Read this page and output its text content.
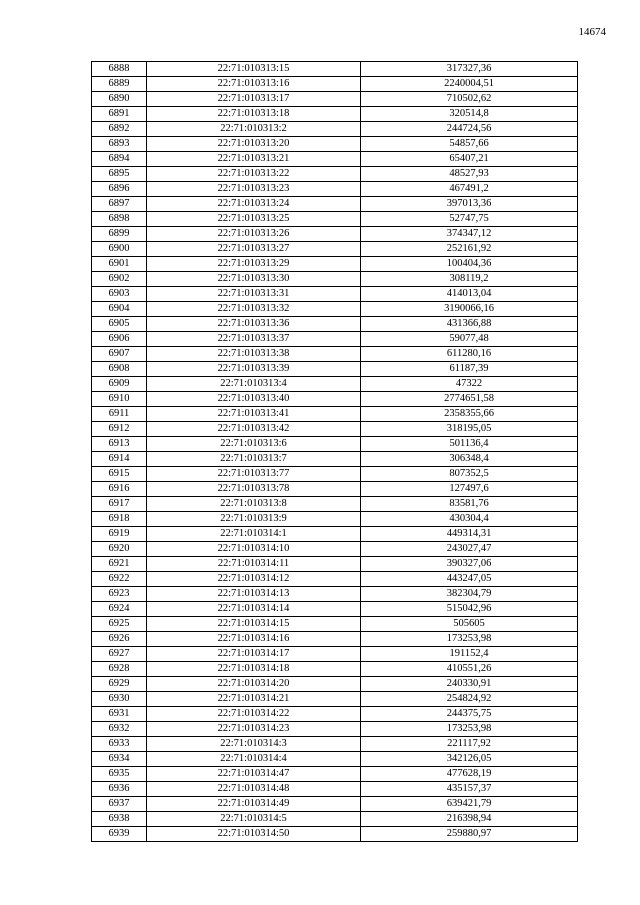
14674
6888	22:71:010313:15	317327,36
6889	22:71:010313:16	2240004,51
6890	22:71:010313:17	710502,62
6891	22:71:010313:18	320514,8
6892	22:71:010313:2	244724,56
6893	22:71:010313:20	54857,66
6894	22:71:010313:21	65407,21
6895	22:71:010313:22	48527,93
6896	22:71:010313:23	467491,2
6897	22:71:010313:24	397013,36
6898	22:71:010313:25	52747,75
6899	22:71:010313:26	374347,12
6900	22:71:010313:27	252161,92
6901	22:71:010313:29	100404,36
6902	22:71:010313:30	308119,2
6903	22:71:010313:31	414013,04
6904	22:71:010313:32	3190066,16
6905	22:71:010313:36	431366,88
6906	22:71:010313:37	59077,48
6907	22:71:010313:38	611280,16
6908	22:71:010313:39	61187,39
6909	22:71:010313:4	47322
6910	22:71:010313:40	2774651,58
6911	22:71:010313:41	2358355,66
6912	22:71:010313:42	318195,05
6913	22:71:010313:6	501136,4
6914	22:71:010313:7	306348,4
6915	22:71:010313:77	807352,5
6916	22:71:010313:78	127497,6
6917	22:71:010313:8	83581,76
6918	22:71:010313:9	430304,4
6919	22:71:010314:1	449314,31
6920	22:71:010314:10	243027,47
6921	22:71:010314:11	390327,06
6922	22:71:010314:12	443247,05
6923	22:71:010314:13	382304,79
6924	22:71:010314:14	515042,96
6925	22:71:010314:15	505605
6926	22:71:010314:16	173253,98
6927	22:71:010314:17	191152,4
6928	22:71:010314:18	410551,26
6929	22:71:010314:20	240330,91
6930	22:71:010314:21	254824,92
6931	22:71:010314:22	244375,75
6932	22:71:010314:23	173253,98
6933	22:71:010314:3	221117,92
6934	22:71:010314:4	342126,05
6935	22:71:010314:47	477628,19
6936	22:71:010314:48	435157,37
6937	22:71:010314:49	639421,79
6938	22:71:010314:5	216398,94
6939	22:71:010314:50	259880,97
